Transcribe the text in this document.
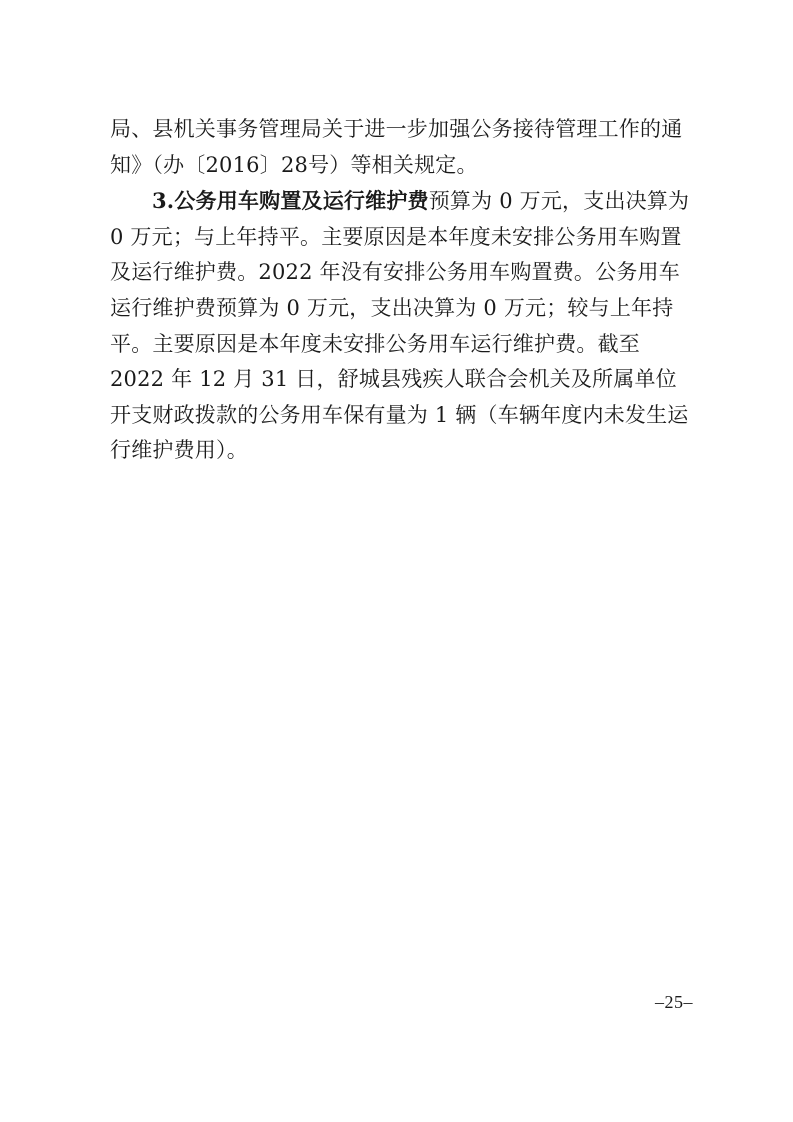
局、县机关事务管理局关于进一步加强公务接待管理工作的通知》（办〔2016〕28号）等相关规定。

3.公务用车购置及运行维护费预算为 0 万元，支出决算为 0 万元；与上年持平。主要原因是本年度未安排公务用车购置及运行维护费。2022 年没有安排公务用车购置费。公务用车运行维护费预算为 0 万元，支出决算为 0 万元；较与上年持平。主要原因是本年度未安排公务用车运行维护费。截至 2022 年 12 月 31 日，舒城县残疾人联合会机关及所属单位开支财政拨款的公务用车保有量为 1 辆（车辆年度内未发生运行维护费用）。

–25–
